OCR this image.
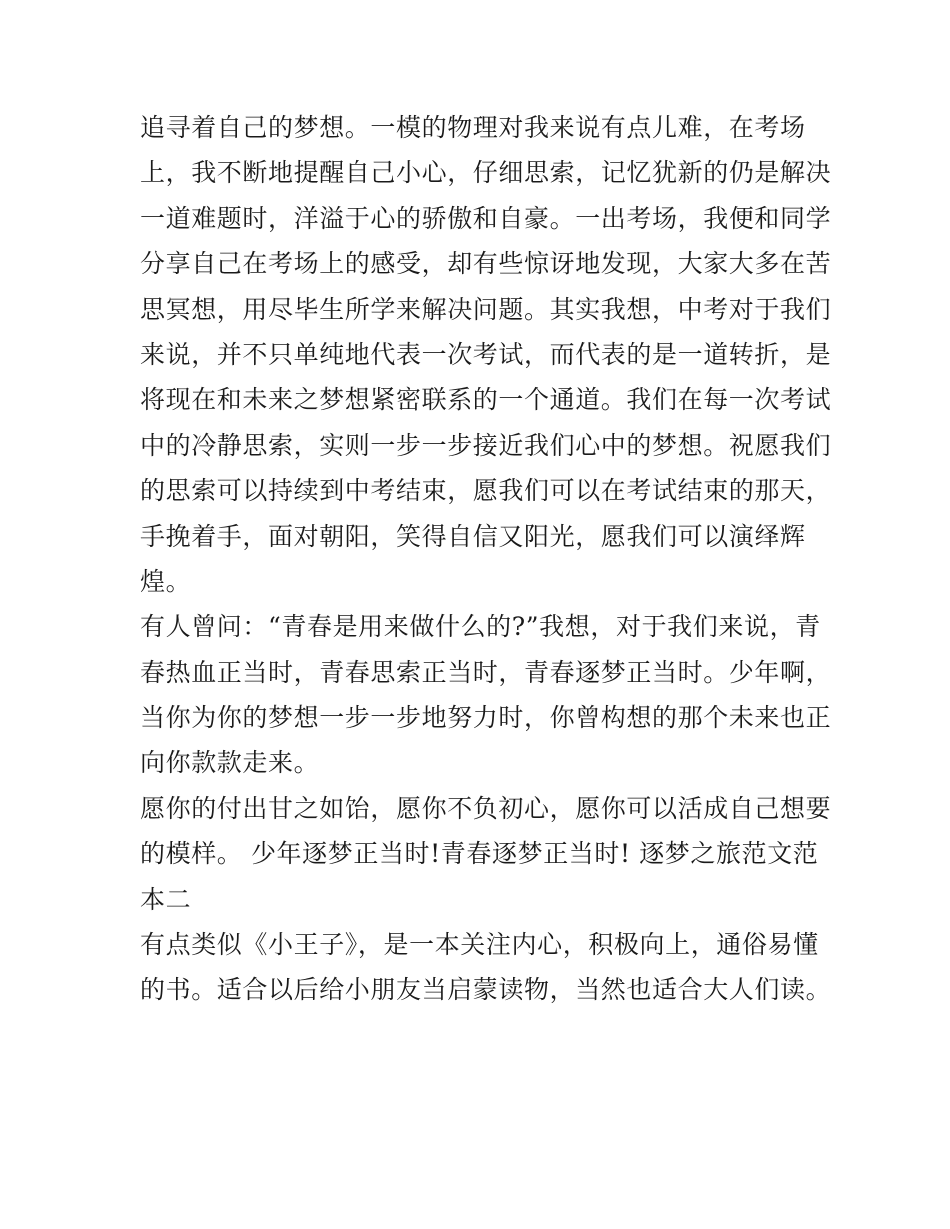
追寻着自己的梦想。一模的物理对我来说有点儿难，在考场
上，我不断地提醒自己小心，仔细思索，记忆犹新的仍是解决
一道难题时，洋溢于心的骄傲和自豪。一出考场，我便和同学
分享自己在考场上的感受，却有些惊讶地发现，大家大多在苦
思冥想，用尽毕生所学来解决问题。其实我想，中考对于我们
来说，并不只单纯地代表一次考试，而代表的是一道转折，是
将现在和未来之梦想紧密联系的一个通道。我们在每一次考试
中的冷静思索，实则一步一步接近我们心中的梦想。祝愿我们
的思索可以持续到中考结束，愿我们可以在考试结束的那天，
手挽着手，面对朝阳，笑得自信又阳光，愿我们可以演绎辉
煌。
有人曾问：“青春是用来做什么的?”我想，对于我们来说，青
春热血正当时，青春思索正当时，青春逐梦正当时。少年啊，
当你为你的梦想一步一步地努力时，你曾构想的那个未来也正
向你款款走来。
愿你的付出甘之如饴，愿你不负初心，愿你可以活成自己想要
的模样。 少年逐梦正当时!青春逐梦正当时! 逐梦之旅范文范
本二
有点类似《小王子》，是一本关注内心，积极向上，通俗易懂
的书。适合以后给小朋友当启蒙读物，当然也适合大人们读。
